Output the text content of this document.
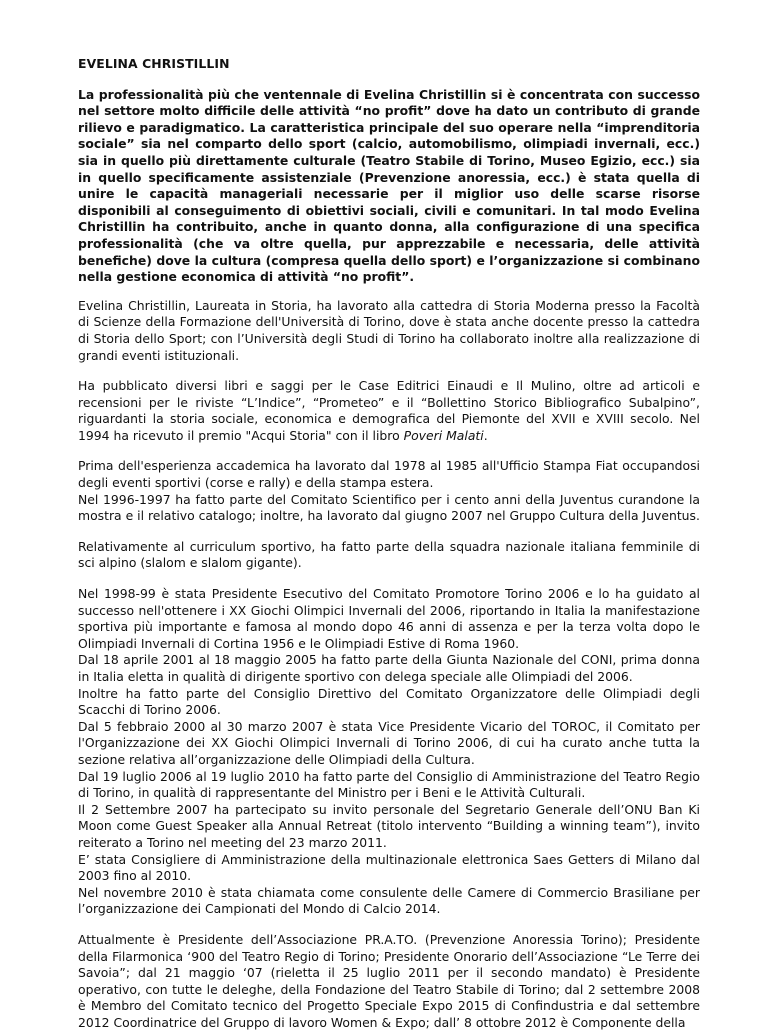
EVELINA CHRISTILLIN

La professionalità più che ventennale di Evelina Christillin si è concentrata con successo nel settore molto difficile delle attività “no profit” dove ha dato un contributo di grande rilievo e paradigmatico. La caratteristica principale del suo operare nella “imprenditoria sociale” sia nel comparto dello sport (calcio, automobilismo, olimpiadi invernali, ecc.) sia in quello più direttamente culturale (Teatro Stabile di Torino, Museo Egizio, ecc.) sia in quello specificamente assistenziale (Prevenzione anoressia, ecc.) è stata quella di unire le capacità manageriali necessarie per il miglior uso delle scarse risorse disponibili al conseguimento di obiettivi sociali, civili e comunitari. In tal modo Evelina Christillin ha contribuito, anche in quanto donna, alla configurazione di una specifica professionalità (che va oltre quella, pur apprezzabile e necessaria, delle attività benefiche) dove la cultura (compresa quella dello sport) e l’organizzazione si combinano nella gestione economica di attività “no profit”.

Evelina Christillin, Laureata in Storia, ha lavorato alla cattedra di Storia Moderna presso la Facoltà di Scienze della Formazione dell'Università di Torino, dove è stata anche docente presso la cattedra di Storia dello Sport; con l’Università degli Studi di Torino ha collaborato inoltre alla realizzazione di grandi eventi istituzionali.

Ha pubblicato diversi libri e saggi per le Case Editrici Einaudi e Il Mulino, oltre ad articoli e recensioni per le riviste “L’Indice”, “Prometeo” e il “Bollettino Storico Bibliografico Subalpino”, riguardanti la storia sociale, economica e demografica del Piemonte del XVII e XVIII secolo. Nel 1994 ha ricevuto il premio "Acqui Storia" con il libro Poveri Malati.

Prima dell'esperienza accademica ha lavorato dal 1978 al 1985 all'Ufficio Stampa Fiat occupandosi degli eventi sportivi (corse e rally) e della stampa estera.
Nel 1996-1997 ha fatto parte del Comitato Scientifico per i cento anni della Juventus curandone la mostra e il relativo catalogo; inoltre, ha lavorato dal giugno 2007 nel Gruppo Cultura della Juventus.

Relativamente al curriculum sportivo, ha fatto parte della squadra nazionale italiana femminile di sci alpino (slalom e slalom gigante).

Nel 1998-99 è stata Presidente Esecutivo del Comitato Promotore Torino 2006 e lo ha guidato al successo nell'ottenere i XX Giochi Olimpici Invernali del 2006, riportando in Italia la manifestazione sportiva più importante e famosa al mondo dopo 46 anni di assenza e per la terza volta dopo le Olimpiadi Invernali di Cortina 1956 e le Olimpiadi Estive di Roma 1960.
Dal 18 aprile 2001 al 18 maggio 2005 ha fatto parte della Giunta Nazionale del CONI, prima donna in Italia eletta in qualità di dirigente sportivo con delega speciale alle Olimpiadi del 2006.
Inoltre ha fatto parte del Consiglio Direttivo del Comitato Organizzatore delle Olimpiadi degli Scacchi di Torino 2006.
Dal 5 febbraio 2000 al 30 marzo 2007 è stata Vice Presidente Vicario del TOROC, il Comitato per l'Organizzazione dei XX Giochi Olimpici Invernali di Torino 2006, di cui ha curato anche tutta la sezione relativa all’organizzazione delle Olimpiadi della Cultura.
Dal 19 luglio 2006 al 19 luglio 2010 ha fatto parte del Consiglio di Amministrazione del Teatro Regio di Torino, in qualità di rappresentante del Ministro per i Beni e le Attività Culturali.
Il 2 Settembre 2007 ha partecipato su invito personale del Segretario Generale dell’ONU Ban Ki Moon come Guest Speaker alla Annual Retreat (titolo intervento “Building a winning team”), invito reiterato a Torino nel meeting del 23 marzo 2011.
E’ stata Consigliere di Amministrazione della multinazionale elettronica Saes Getters di Milano dal 2003 fino al 2010.
Nel novembre 2010 è stata chiamata come consulente delle Camere di Commercio Brasiliane per l’organizzazione dei Campionati del Mondo di Calcio 2014.

Attualmente è Presidente dell’Associazione PR.A.TO. (Prevenzione Anoressia Torino); Presidente della Filarmonica ‘900 del Teatro Regio di Torino; Presidente Onorario dell’Associazione “Le Terre dei Savoia”; dal 21 maggio ‘07 (rieletta il 25 luglio 2011 per il secondo mandato) è Presidente operativo, con tutte le deleghe, della Fondazione del Teatro Stabile di Torino; dal 2 settembre 2008 è Membro del Comitato tecnico del Progetto Speciale Expo 2015 di Confindustria e dal settembre 2012 Coordinatrice del Gruppo di lavoro Women & Expo; dall’ 8 ottobre 2012 è Componente della
